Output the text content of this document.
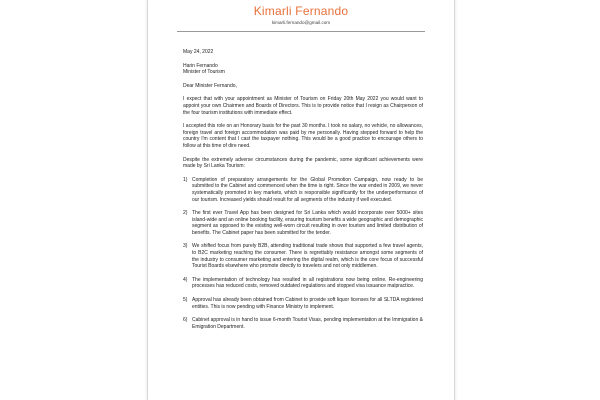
Kimarli Fernando
kimarli.fernando@gmail.com

May 24, 2022

Harin Fernando

Minister of Tourism

Dear Minister Fernando,

I expect that with your appointment as Minister of Tourism on Friday 20th May 2022 you would want to appoint your own Chairmen and Boards of Directors. This is to provide notice that I resign as Chairperson of the four tourism institutions with immediate effect.

I accepted this role on an Honorary basis for the past 30 months. I took no salary, no vehicle, no allowances, foreign travel and foreign accommodation was paid by me personally. Having stepped forward to help the country I'm content that I cast the taxpayer nothing. This would be a good practice to encourage others to follow at this time of dire need.

Despite the extremely adverse circumstances during the pandemic, some significant achievements were made by Sri Lanka Tourism:

1) Completion of preparatory arrangements for the Global Promotion Campaign, now ready to be submitted to the Cabinet and commenced when the time is right. Since the war ended in 2009, we never systematically promoted in key markets, which is responsible significantly for the underperformance of our tourism. Increased yields should result for all segments of the industry if well executed.
2) The first ever Travel App has been designed for Sri Lanka which would incorporate over 5000+ sites island-wide and an online booking facility, ensuring tourism benefits a wide geographic and demographic segment as opposed to the existing well-worn circuit resulting in over tourism and limited distribution of benefits. The Cabinet paper has been submitted for the tender.
3) We shifted focus from purely B2B, attending traditional trade shows that supported a few travel agents, to B2C marketing reaching the consumer. There is regrettably resistance amongst some segments of the industry to consumer marketing and entering the digital realm, which is the core focus of successful Tourist Boards elsewhere who promote directly to travelers and not only middlemen.
4) The implementation of technology has resulted in all registrations now being online. Re-engineering processes has reduced costs, removed outdated regulations and stopped visa issuance malpractice.
5) Approval has already been obtained from Cabinet to provide soft liquor licenses for all SLTDA registered entities. This is now pending with Finance Ministry to implement.
6) Cabinet approval is in hand to issue 6-month Tourist Visas, pending implementation at the Immigration & Emigration Department.
